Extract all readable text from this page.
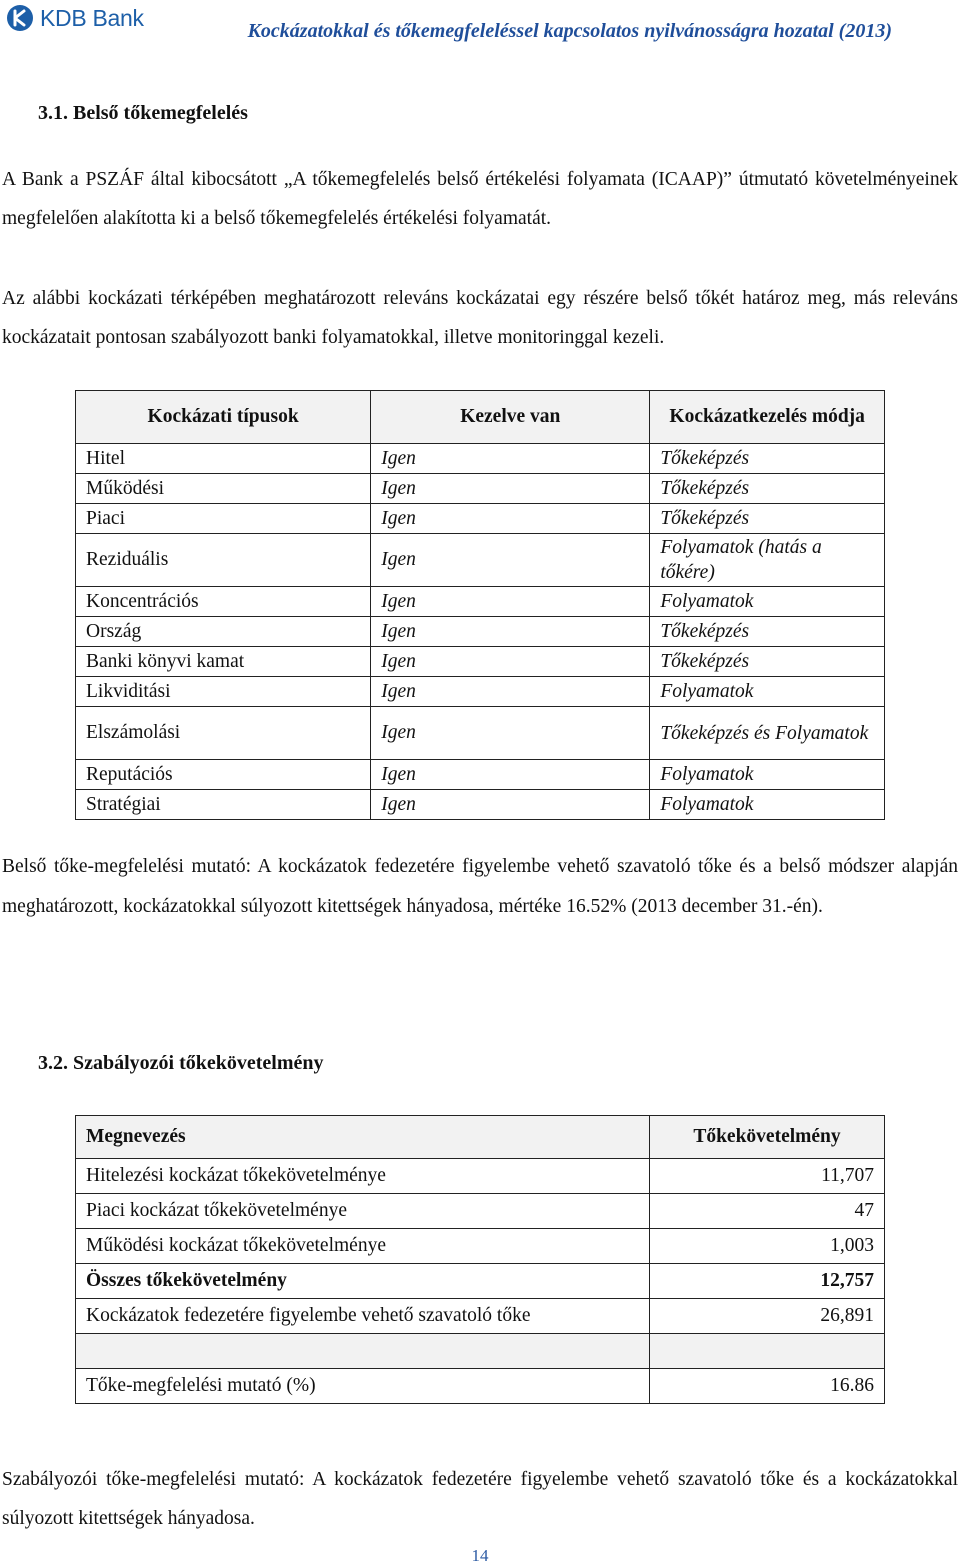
KDB Bank
Kockázatokkal és tőkemegfeleléssel kapcsolatos nyilvánosságra hozatal (2013)
3.1. Belső tőkemegfelelés

A Bank a PSZÁF által kibocsátott „A tőkemegfelelés belső értékelési folyamata (ICAAP)” útmutató követelményeinek megfelelően alakította ki a belső tőkemegfelelés értékelési folyamatát.

Az alábbi kockázati térképében meghatározott releváns kockázatai egy részére belső tőkét határoz meg, más releváns kockázatait pontosan szabályozott banki folyamatokkal, illetve monitoringgal kezeli.

Kockázati típusok	Kezelve van	Kockázatkezelés módja
Hitel	Igen	Tőkeképzés
Működési	Igen	Tőkeképzés
Piaci	Igen	Tőkeképzés
Reziduális	Igen	Folyamatok (hatás a tőkére)
Koncentrációs	Igen	Folyamatok
Ország	Igen	Tőkeképzés
Banki könyvi kamat	Igen	Tőkeképzés
Likviditási	Igen	Folyamatok
Elszámolási	Igen	Tőkeképzés és Folyamatok
Reputációs	Igen	Folyamatok
Stratégiai	Igen	Folyamatok

Belső tőke-megfelelési mutató: A kockázatok fedezetére figyelembe vehető szavatoló tőke és a belső módszer alapján meghatározott, kockázatokkal súlyozott kitettségek hányadosa, mértéke 16.52% (2013 december 31.-én).

3.2. Szabályozói tőkekövetelmény
Megnevezés	Tőkekövetelmény
Hitelezési kockázat tőkekövetelménye	11,707
Piaci kockázat tőkekövetelménye	47
Működési kockázat tőkekövetelménye	1,003
Összes tőkekövetelmény	12,757
Kockázatok fedezetére figyelembe vehető szavatoló tőke	26,891

Tőke-megfelelési mutató (%)	16.86

Szabályozói tőke-megfelelési mutató: A kockázatok fedezetére figyelembe vehető szavatoló tőke és a kockázatokkal súlyozott kitettségek hányadosa.

14
